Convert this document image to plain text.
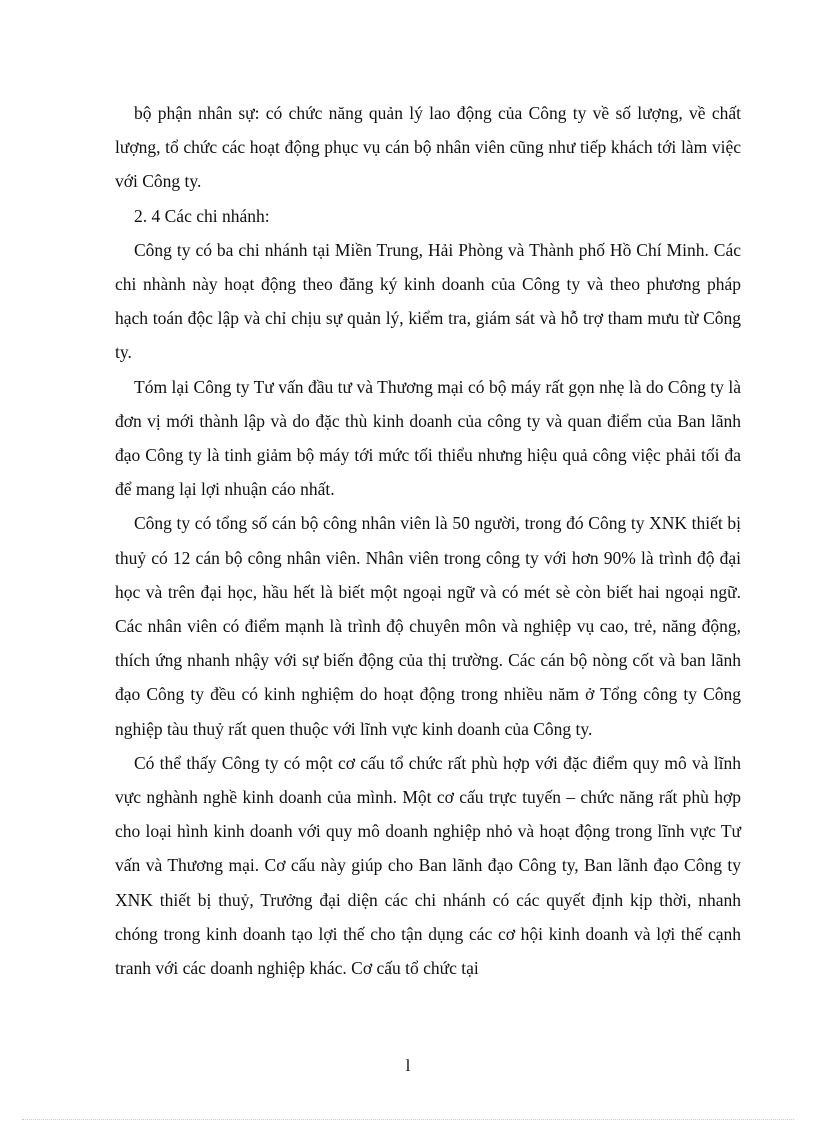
bộ phận nhân sự: có chức năng quản lý lao động của Công ty về số lượng, về chất lượng, tổ chức các hoạt động phục vụ cán bộ nhân viên cũng như tiếp khách tới làm việc với Công ty.

2. 4 Các chi nhánh:

Công ty có ba chi nhánh tại Miền Trung, Hải Phòng và Thành phố Hồ Chí Minh. Các chi nhành này hoạt động theo đăng ký kinh doanh của Công ty và theo phương pháp hạch toán độc lập và chỉ chịu sự quản lý, kiểm tra, giám sát và hỗ trợ tham mưu từ Công ty.

Tóm lại Công ty Tư vấn đầu tư và Thương mại có bộ máy rất gọn nhẹ là do Công ty là đơn vị mới thành lập và do đặc thù kinh doanh của công ty và quan điểm của Ban lãnh đạo Công ty là tinh giảm bộ máy tới mức tối thiểu nhưng hiệu quả công việc phải tối đa để mang lại lợi nhuận cáo nhất.

Công ty có tổng số cán bộ công nhân viên là 50 người, trong đó Công ty XNK thiết bị thuỷ có 12 cán bộ công nhân viên. Nhân viên trong công ty với hơn 90% là trình độ đại học và trên đại học, hầu hết là biết một ngoại ngữ và có mét sè còn biết hai ngoại ngữ. Các nhân viên có điểm mạnh là trình độ chuyên môn và nghiệp vụ cao, trẻ, năng động, thích ứng nhanh nhậy với sự biến động của thị trường. Các cán bộ nòng cốt và ban lãnh đạo Công ty đều có kinh nghiệm do hoạt động trong nhiều năm ở Tổng công ty Công nghiệp tàu thuỷ rất quen thuộc với lĩnh vực kinh doanh của Công ty.

Có thể thấy Công ty có một cơ cấu tổ chức rất phù hợp với đặc điểm quy mô và lĩnh vực nghành nghề kinh doanh của mình. Một cơ cấu trực tuyến – chức năng rất phù hợp cho loại hình kinh doanh với quy mô doanh nghiệp nhỏ và hoạt động trong lĩnh vực Tư vấn và Thương mại. Cơ cấu này giúp cho Ban lãnh đạo Công ty, Ban lãnh đạo Công ty XNK thiết bị thuỷ, Trưởng đại diện các chi nhánh có các quyết định kịp thời, nhanh chóng trong kinh doanh tạo lợi thế cho tận dụng các cơ hội kinh doanh và lợi thế cạnh tranh với các doanh nghiệp khác. Cơ cấu tổ chức tại

l
